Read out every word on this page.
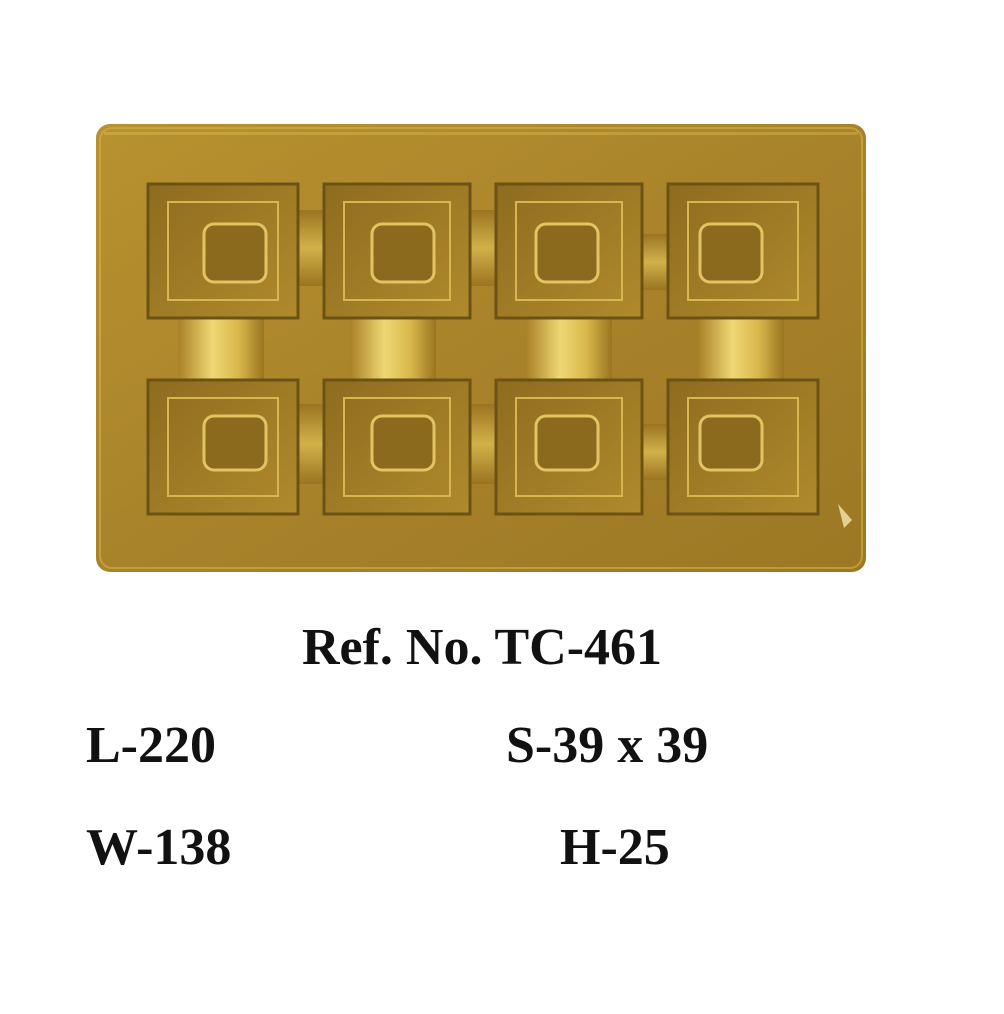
Ref. No. TC-461

L-220	S-39 x 39

W-138	H-25
